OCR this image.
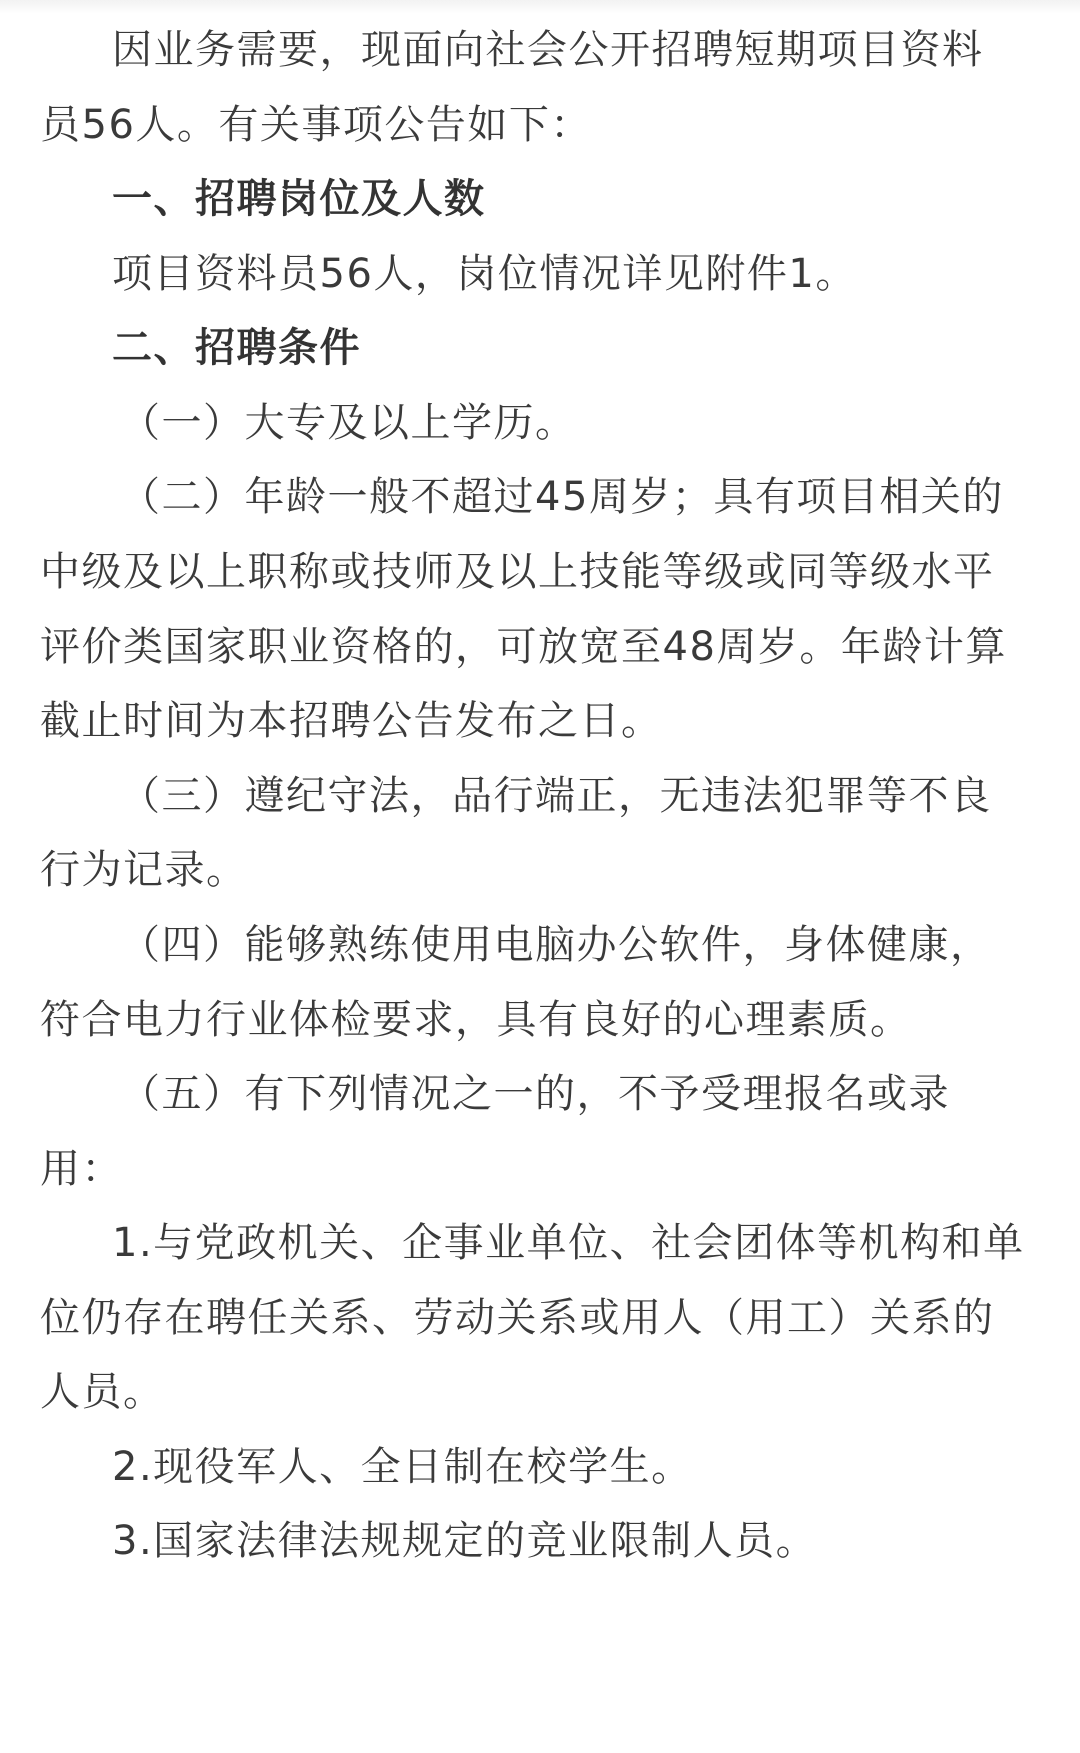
因业务需要，现面向社会公开招聘短期项目资料
员56人。有关事项公告如下：
一、招聘岗位及人数
项目资料员56人，岗位情况详见附件1。
二、招聘条件
（一）大专及以上学历。
（二）年龄一般不超过45周岁；具有项目相关的
中级及以上职称或技师及以上技能等级或同等级水平
评价类国家职业资格的，可放宽至48周岁。年龄计算
截止时间为本招聘公告发布之日。
（三）遵纪守法，品行端正，无违法犯罪等不良
行为记录。
（四）能够熟练使用电脑办公软件，身体健康，
符合电力行业体检要求，具有良好的心理素质。
（五）有下列情况之一的，不予受理报名或录
用：
1.与党政机关、企事业单位、社会团体等机构和单
位仍存在聘任关系、劳动关系或用人（用工）关系的
人员。
2.现役军人、全日制在校学生。
3.国家法律法规规定的竞业限制人员。
